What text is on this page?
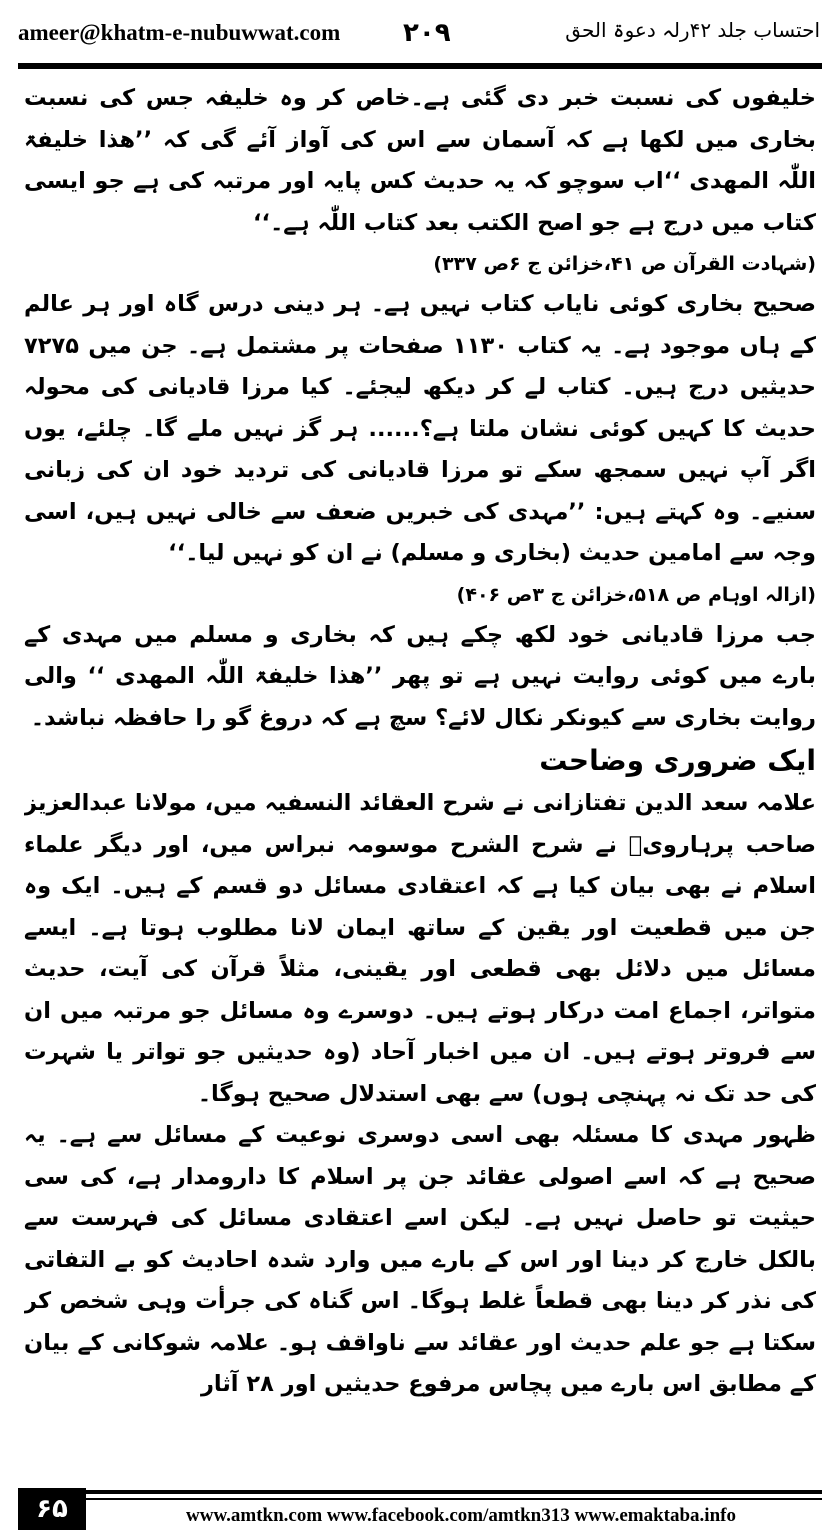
ameer@khatm-e-nubuwwat.com ۲۰۹	احتساب جلد ۴۲رلہ دعوۃ الحق

خلیفوں کی نسبت خبر دی گئی ہے۔خاص کر وہ خلیفہ جس کی نسبت بخاری میں لکھا ہے کہ آسمان سے اس کی آواز آئے گی کہ ’’ھذا خلیفۃ اللّٰہ المھدی ‘‘اب سوچو کہ یہ حدیث کس پایہ اور مرتبہ کی ہے جو ایسی کتاب میں درج ہے جو اصح الکتب بعد کتاب اللّٰہ ہے۔‘‘

(شہادت القرآن ص ۴۱،خزائن ج ۶ص ۳۳۷)

صحیح بخاری کوئی نایاب کتاب نہیں ہے۔ ہر دینی درس گاہ اور ہر عالم کے ہاں موجود ہے۔ یہ کتاب ۱۱۳۰ صفحات پر مشتمل ہے۔ جن میں ۷۲۷۵ حدیثیں درج ہیں۔ کتاب لے کر دیکھ لیجئے۔ کیا مرزا قادیانی کی محولہ حدیث کا کہیں کوئی نشان ملتا ہے؟...... ہر گز نہیں ملے گا۔ چلئے، یوں اگر آپ نہیں سمجھ سکے تو مرزا قادیانی کی تردید خود ان کی زبانی سنیے۔ وہ کہتے ہیں: ’’مہدی کی خبریں ضعف سے خالی نہیں ہیں، اسی وجہ سے امامین حدیث (بخاری و مسلم) نے ان کو نہیں لیا۔‘‘

(ازالہ اوہام ص ۵۱۸،خزائن ج ۳ص ۴۰۶)

جب مرزا قادیانی خود لکھ چکے ہیں کہ بخاری و مسلم میں مہدی کے بارے میں کوئی روایت نہیں ہے تو پھر ’’ھذا خلیفۃ اللّٰہ المھدی ‘‘ والی روایت بخاری سے کیونکر نکال لائے؟ سچ ہے کہ دروغ گو را حافظہ نباشد۔

ایک ضروری وضاحت

علامہ سعد الدین تفتازانی نے شرح العقائد النسفیہ میں، مولانا عبدالعزیز صاحب پرہارویؒ نے شرح الشرح موسومہ نبراس میں، اور دیگر علماء اسلام نے بھی بیان کیا ہے کہ اعتقادی مسائل دو قسم کے ہیں۔ ایک وہ جن میں قطعیت اور یقین کے ساتھ ایمان لانا مطلوب ہوتا ہے۔ ایسے مسائل میں دلائل بھی قطعی اور یقینی، مثلاً قرآن کی آیت، حدیث متواتر، اجماع امت درکار ہوتے ہیں۔ دوسرے وہ مسائل جو مرتبہ میں ان سے فروتر ہوتے ہیں۔ ان میں اخبار آحاد (وہ حدیثیں جو تواتر یا شہرت کی حد تک نہ پہنچی ہوں) سے بھی استدلال صحیح ہوگا۔

ظہور مہدی کا مسئلہ بھی اسی دوسری نوعیت کے مسائل سے ہے۔ یہ صحیح ہے کہ اسے اصولی عقائد جن پر اسلام کا دارومدار ہے، کی سی حیثیت تو حاصل نہیں ہے۔ لیکن اسے اعتقادی مسائل کی فہرست سے بالکل خارج کر دینا اور اس کے بارے میں وارد شدہ احادیث کو بے التفاتی کی نذر کر دینا بھی قطعاً غلط ہوگا۔ اس گناہ کی جرأت وہی شخص کر سکتا ہے جو علم حدیث اور عقائد سے ناواقف ہو۔ علامہ شوکانی کے بیان کے مطابق اس بارے میں پچاس مرفوع حدیثیں اور ۲۸ آثار

۶۵	www.amtkn.com www.facebook.com/amtkn313 www.emaktaba.info
